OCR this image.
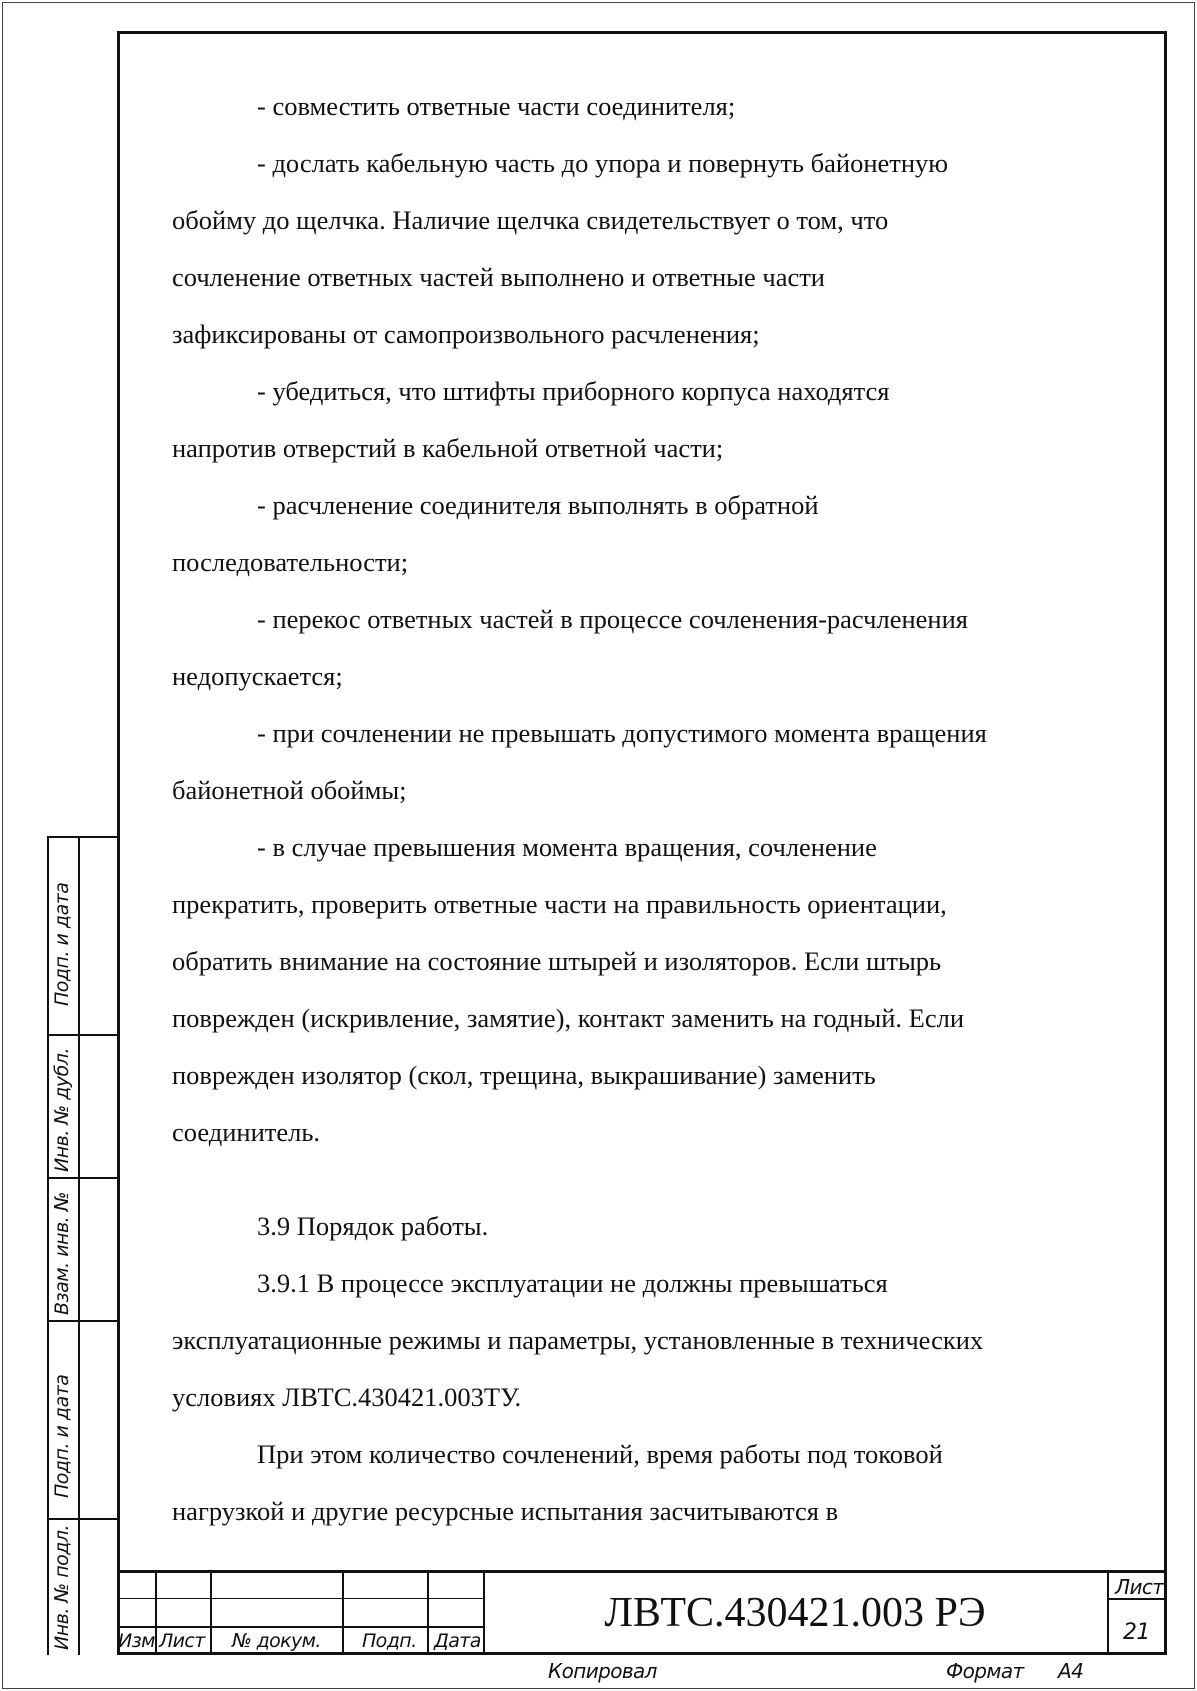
- совместить ответные части соединителя;

- дослать кабельную часть до упора и повернуть байонетную

обойму до щелчка. Наличие щелчка свидетельствует о том, что

сочленение ответных частей выполнено и ответные части

зафиксированы от самопроизвольного расчленения;

- убедиться, что штифты приборного корпуса находятся

напротив отверстий в кабельной ответной части;

- расчленение соединителя выполнять в обратной

последовательности;

- перекос ответных частей в процессе сочленения-расчленения

недопускается;

- при сочленении не превышать допустимого момента вращения

байонетной обоймы;

- в случае превышения момента вращения, сочленение

прекратить, проверить ответные части на правильность ориентации,

обратить внимание на состояние штырей и изоляторов. Если штырь

поврежден (искривление, замятие), контакт заменить на годный. Если

поврежден изолятор (скол, трещина, выкрашивание) заменить

соединитель.

3.9 Порядок работы.

3.9.1 В процессе эксплуатации не должны превышаться

эксплуатационные режимы и параметры, установленные в технических

условиях ЛВТС.430421.003ТУ.

При этом количество сочленений, время работы под токовой

нагрузкой и другие ресурсные испытания засчитываются в

Подп. и дата
Инв. № дубл.
Взам. инв. №
Подп. и дата
Инв. № подл. Изм Лист № докум. Подп. Дата
ЛВТС.430421.003 РЭ
Лист
21
Копировал	Формат А4
